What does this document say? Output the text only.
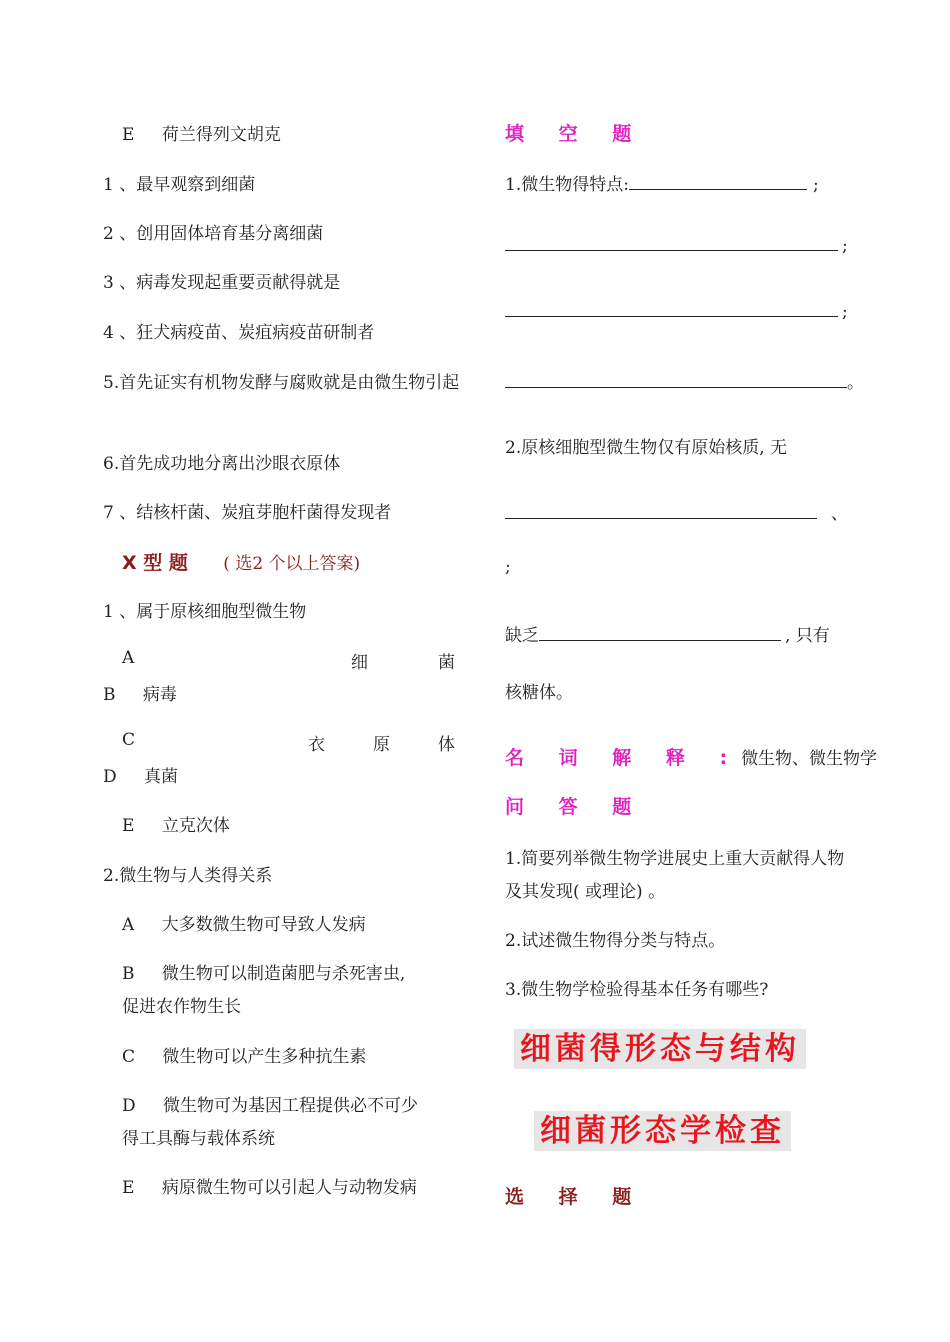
E 荷兰得列文胡克
1 、最早观察到细菌
2 、创用固体培育基分离细菌
3 、病毒发现起重要贡献得就是
4 、狂犬病疫苗、炭疽病疫苗研制者
5.首先证实有机物发酵与腐败就是由微生物引起
6.首先成功地分离出沙眼衣原体
7 、结核杆菌、炭疽芽胞杆菌得发现者
X 型 题 ( 选2 个以上答案)
1 、属于原核细胞型微生物
A	细	菌
B 病毒
C	衣	原	体
D 真菌
E 立克次体
2.微生物与人类得关系
A 大多数微生物可导致人发病
B 微生物可以制造菌肥与杀死害虫,
促进农作物生长
C 微生物可以产生多种抗生素
D 微生物可为基因工程提供必不可少
得工具酶与载体系统
E 病原微生物可以引起人与动物发病
填 空 题
1.微生物得特点:	;
;
;
。
2.原核细胞型微生物仅有原始核质, 无
、
;
缺乏	, 只有
核糖体。
名 词 解 释 :微生物、微生物学
问 答 题
1.简要列举微生物学进展史上重大贡献得人物及其发现( 或理论) 。
2.试述微生物得分类与特点。
3.微生物学检验得基本任务有哪些?
细菌得形态与结构
细菌形态学检查
选 择 题
